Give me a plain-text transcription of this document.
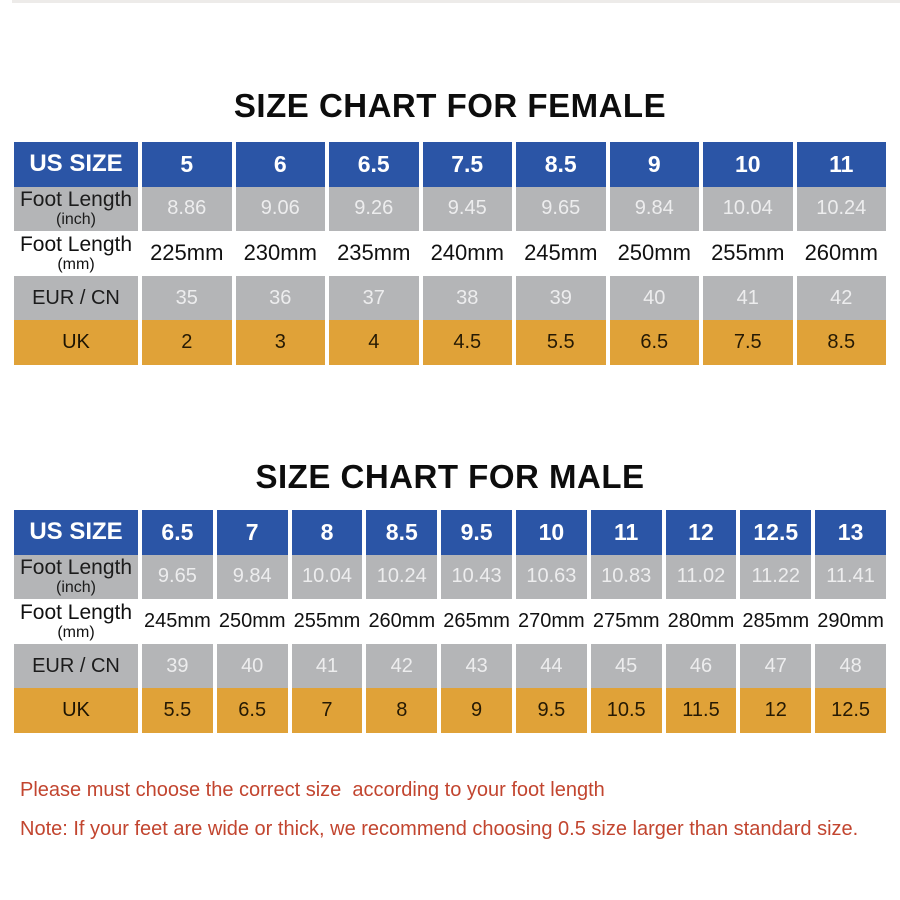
SIZE CHART FOR FEMALE
US SIZE	5	6	6.5	7.5	8.5	9	10	11

Foot Length
(inch)	8.86	9.06	9.26	9.45	9.65	9.84	10.04	10.24

Foot Length
(mm)	225mm	230mm	235mm	240mm	245mm	250mm	255mm	260mm
EUR / CN	35	36	37	38	39	40	41	42
UK	2	3	4	4.5	5.5	6.5	7.5	8.5
SIZE CHART FOR MALE
US SIZE	6.5	7	8	8.5	9.5	10	11	12	12.5	13

Foot Length
(inch)	9.65	9.84	10.04	10.24	10.43	10.63	10.83	11.02	11.22	11.41

Foot Length
(mm)	245mm	250mm	255mm	260mm	265mm	270mm	275mm	280mm	285mm	290mm
EUR / CN	39	40	41	42	43	44	45	46	47	48
UK	5.5	6.5	7	8	9	9.5	10.5	11.5	12	12.5
Please must choose the correct size  according to your foot length
Note: If your feet are wide or thick, we recommend choosing 0.5 size larger than standard size.
